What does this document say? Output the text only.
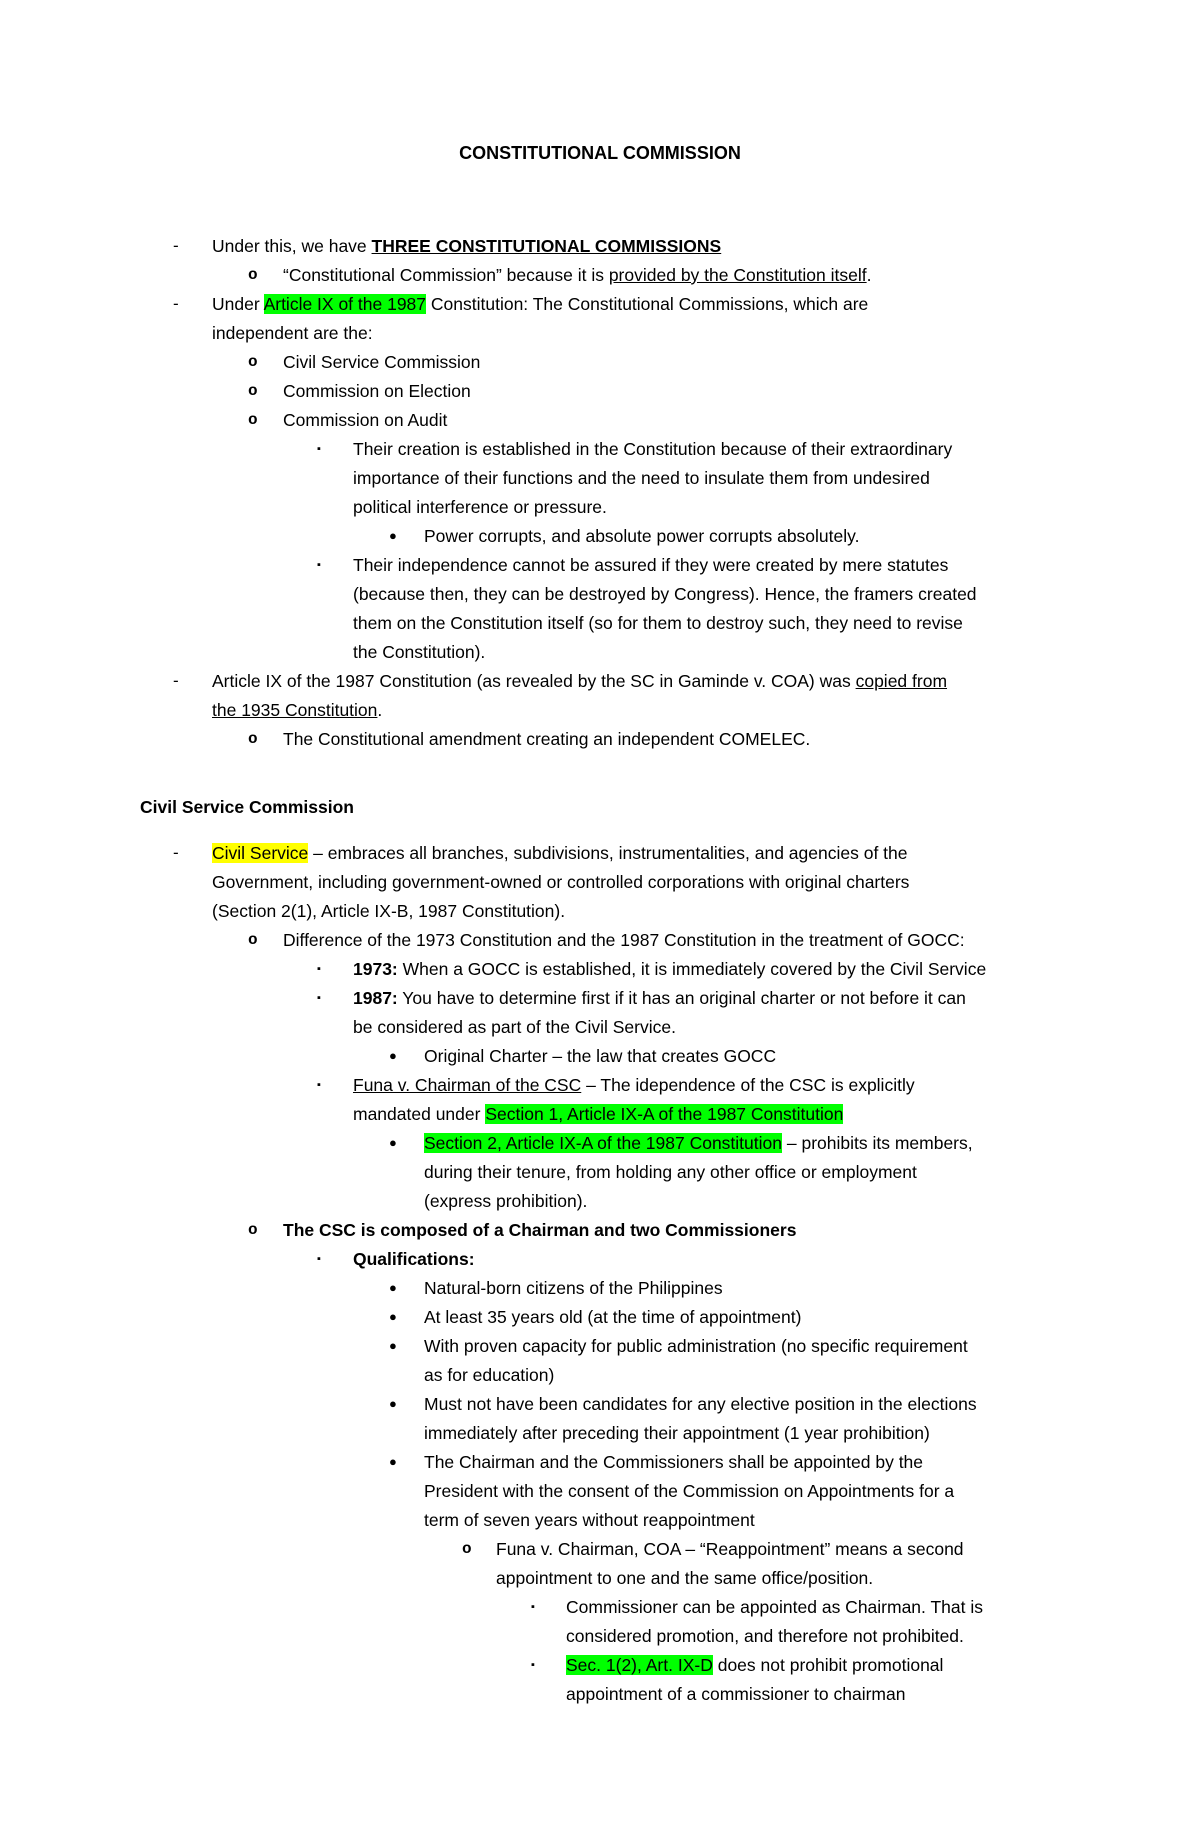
CONSTITUTIONAL COMMISSION
- Under this, we have THREE CONSTITUTIONAL COMMISSIONS
o “Constitutional Commission” because it is provided by the Constitution itself.
- Under Article IX of the 1987 Constitution: The Constitutional Commissions, which are
independent are the:
o Civil Service Commission
o Commission on Election
o Commission on Audit
▪ Their creation is established in the Constitution because of their extraordinary
importance of their functions and the need to insulate them from undesired
political interference or pressure.
● Power corrupts, and absolute power corrupts absolutely.
▪ Their independence cannot be assured if they were created by mere statutes
(because then, they can be destroyed by Congress). Hence, the framers created
them on the Constitution itself (so for them to destroy such, they need to revise
the Constitution).
- Article IX of the 1987 Constitution (as revealed by the SC in Gaminde v. COA) was copied from
the 1935 Constitution.
o The Constitutional amendment creating an independent COMELEC.
Civil Service Commission
- Civil Service – embraces all branches, subdivisions, instrumentalities, and agencies of the
Government, including government-owned or controlled corporations with original charters
(Section 2(1), Article IX-B, 1987 Constitution).
o Difference of the 1973 Constitution and the 1987 Constitution in the treatment of GOCC:
▪ 1973: When a GOCC is established, it is immediately covered by the Civil Service
▪ 1987: You have to determine first if it has an original charter or not before it can
be considered as part of the Civil Service.
● Original Charter – the law that creates GOCC
▪ Funa v. Chairman of the CSC – The idependence of the CSC is explicitly
mandated under Section 1, Article IX-A of the 1987 Constitution
● Section 2, Article IX-A of the 1987 Constitution – prohibits its members,
during their tenure, from holding any other office or employment
(express prohibition).
o The CSC is composed of a Chairman and two Commissioners
▪ Qualifications:
● Natural-born citizens of the Philippines
● At least 35 years old (at the time of appointment)
● With proven capacity for public administration (no specific requirement
as for education)
● Must not have been candidates for any elective position in the elections
immediately after preceding their appointment (1 year prohibition)
● The Chairman and the Commissioners shall be appointed by the
President with the consent of the Commission on Appointments for a
term of seven years without reappointment
o Funa v. Chairman, COA – “Reappointment” means a second
appointment to one and the same office/position.
▪ Commissioner can be appointed as Chairman. That is
considered promotion, and therefore not prohibited.
▪ Sec. 1(2), Art. IX-D does not prohibit promotional
appointment of a commissioner to chairman
